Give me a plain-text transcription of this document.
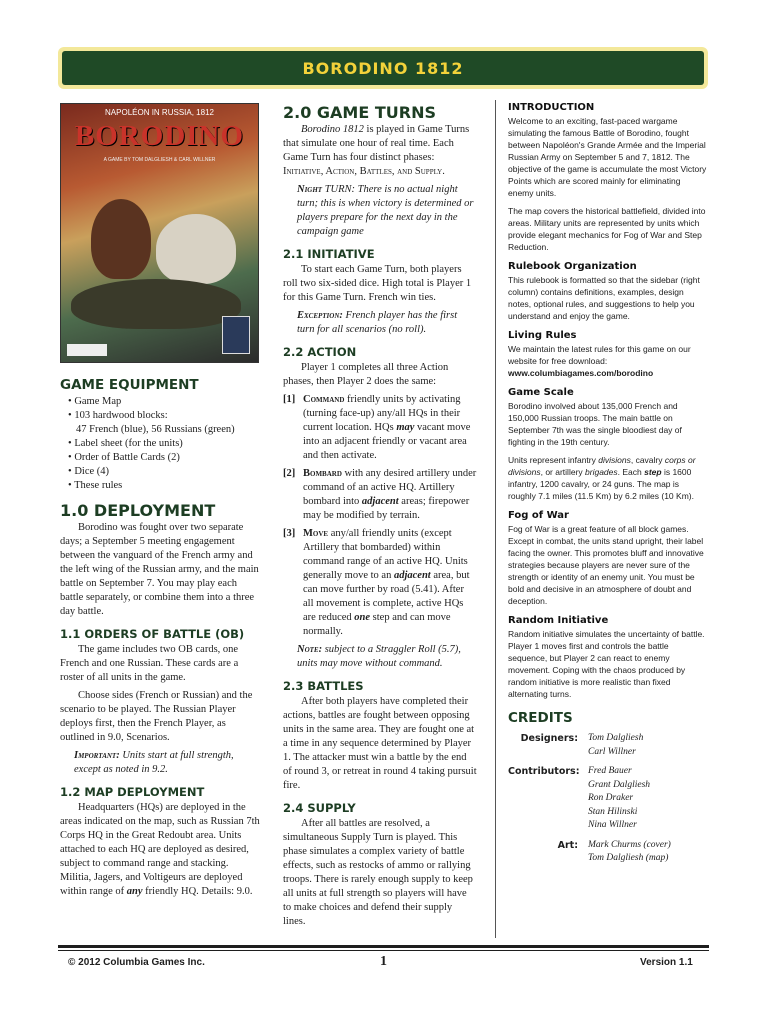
BORODINO 1812
NAPOLÉON IN RUSSIA, 1812
BORODINO
A GAME BY TOM DALGLIESH & CARL WILLNER
GAME EQUIPMENT
• Game Map
• 103 hardwood blocks:
47 French (blue), 56 Russians (green)
• Label sheet (for the units)
• Order of Battle Cards (2)
• Dice (4)
• These rules
1.0 DEPLOYMENT

Borodino was fought over two separate days; a September 5 meeting engagement between the vanguard of the French army and the left wing of the Russian army, and the main battle on September 7. You may play each battle separately, or combine them into a three day battle.

1.1 ORDERS OF BATTLE (OB)

The game includes two OB cards, one French and one Russian. These cards are a roster of all units in the game.

Choose sides (French or Russian) and the scenario to be played. The Russian Player deploys first, then the French Player, as outlined in 9.0, Scenarios.

Important: Units start at full strength, except as noted in 9.2.

1.2 MAP DEPLOYMENT

Headquarters (HQs) are deployed in the areas indicated on the map, such as Russian 7th Corps HQ in the Great Redoubt area. Units attached to each HQ are deployed as desired, subject to command range and stacking. Militia, Jagers, and Voltigeurs are deployed within range of any friendly HQ. Details: 9.0.

2.0 GAME TURNS

Borodino 1812 is played in Game Turns that simulate one hour of real time. Each Game Turn has four distinct phases: Initiative, Action, Battles, and Supply.

Night TURN: There is no actual night turn; this is when victory is determined or players prepare for the next day in the campaign game

2.1 INITIATIVE

To start each Game Turn, both players roll two six-sided dice. High total is Player 1 for this Game Turn. French win ties.

Exception: French player has the first turn for all scenarios (no roll).

2.2 ACTION

Player 1 completes all three Action phases, then Player 2 does the same:

[1] Command friendly units by activating (turning face-up) any/all HQs in their current location. HQs may vacant move into an adjacent friendly or vacant area and then activate.
[2] Bombard with any desired artillery under command of an active HQ. Artillery bombard into adjacent areas; firepower may be modified by terrain.
[3] Move any/all friendly units (except Artillery that bombarded) within command range of an active HQ. Units generally move to an adjacent area, but can move further by road (5.41). After all movement is complete, active HQs are reduced one step and can move normally.

Note: subject to a Straggler Roll (5.7), units may move without command.

2.3 BATTLES

After both players have completed their actions, battles are fought between opposing units in the same area. They are fought one at a time in any sequence determined by Player 1. The attacker must win a battle by the end of round 3, or retreat in round 4 taking pursuit fire.

2.4 SUPPLY

After all battles are resolved, a simultaneous Supply Turn is played. This phase simulates a complex variety of battle effects, such as restocks of ammo or rallying troops. There is rarely enough supply to keep all units at full strength so players will have to make choices and defend their supply lines.

INTRODUCTION

Welcome to an exciting, fast-paced wargame simulating the famous Battle of Borodino, fought between Napoléon's Grande Armée and the Imperial Russian Army on September 5 and 7, 1812. The objective of the game is accumulate the most Victory Points which are scored mainly for eliminating enemy units.

The map covers the historical battlefield, divided into areas. Military units are represented by units which provide elegant mechanics for Fog of War and Step Reduction.

Rulebook Organization

This rulebook is formatted so that the sidebar (right column) contains definitions, examples, design notes, optional rules, and suggestions to help you understand and enjoy the game.

Living Rules

We maintain the latest rules for this game on our website for free download:
www.columbiagames.com/borodino

Game Scale

Borodino involved about 135,000 French and 150,000 Russian troops. The main battle on September 7th was the single bloodiest day of fighting in the 19th century.

Units represent infantry divisions, cavalry corps or divisions, or artillery brigades. Each step is 1600 infantry, 1200 cavalry, or 24 guns. The map is roughly 7.1 miles (11.5 Km) by 6.2 miles (10 Km).

Fog of War

Fog of War is a great feature of all block games. Except in combat, the units stand upright, their label facing the owner. This promotes bluff and innovative strategies because players are never sure of the strength or identity of an enemy unit. You must be bold and decisive in an atmosphere of doubt and deception.

Random Initiative

Random initiative simulates the uncertainty of battle. Player 1 moves first and controls the battle sequence, but Player 2 can react to enemy movement. Coping with the chaos produced by random initiative is more realistic than fixed alternating turns.

CREDITS
Designers: Tom Dalgliesh
Carl Willner
Contributors: Fred Bauer
Grant Dalgliesh
Ron Draker
Stan Hilinski
Nina Willner
Art: Mark Churms (cover)
Tom Dalgliesh (map)
© 2012 Columbia Games Inc.	1	Version 1.1
